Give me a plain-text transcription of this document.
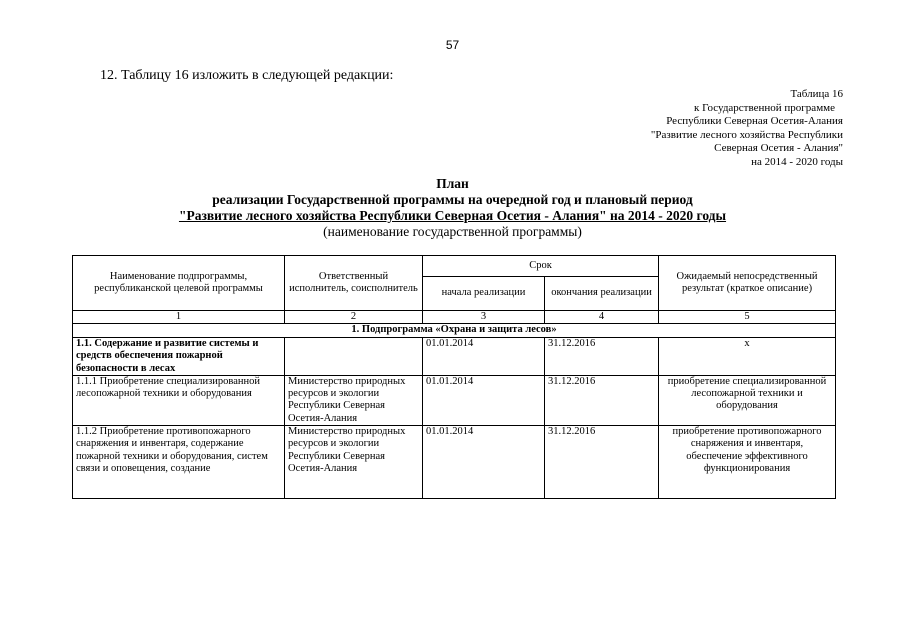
57
12. Таблицу 16 изложить в следующей редакции:
Таблица 16
к Государственной программе
Республики Северная Осетия-Алания
"Развитие лесного хозяйства Республики
Северная Осетия - Алания"
на 2014 - 2020 годы
План
реализации Государственной программы на очередной год и плановый период
"Развитие лесного хозяйства Республики Северная Осетия - Алания" на 2014 - 2020 годы
(наименование государственной программы)
Наименование подпрограммы, республиканской целевой программы	Ответственный исполнитель, соисполнитель	Срок		Ожидаемый непосредственный результат (краткое описание)
		начала реализации	окончания реализации	
1	2	3	4	5
1. Подпрограмма «Охрана и защита лесов»				
1.1. Содержание и развитие системы и средств обеспечения пожарной безопасности в лесах		01.01.2014	31.12.2016	х
1.1.1 Приобретение специализированной лесопожарной техники и оборудования	Министерство природных ресурсов и экологии Республики Северная Осетия-Алания	01.01.2014	31.12.2016	приобретение специализированной лесопожарной техники и оборудования

1.1.2 Приобретение противопожарного снаряжения и инвентаря, содержание пожарной техники и оборудования, систем связи и оповещения, создание	Министерство природных ресурсов и экологии Республики Северная Осетия-Алания	01.01.2014	31.12.2016	приобретение противопожарного снаряжения и инвентаря, обеспечение эффективного функционирования
